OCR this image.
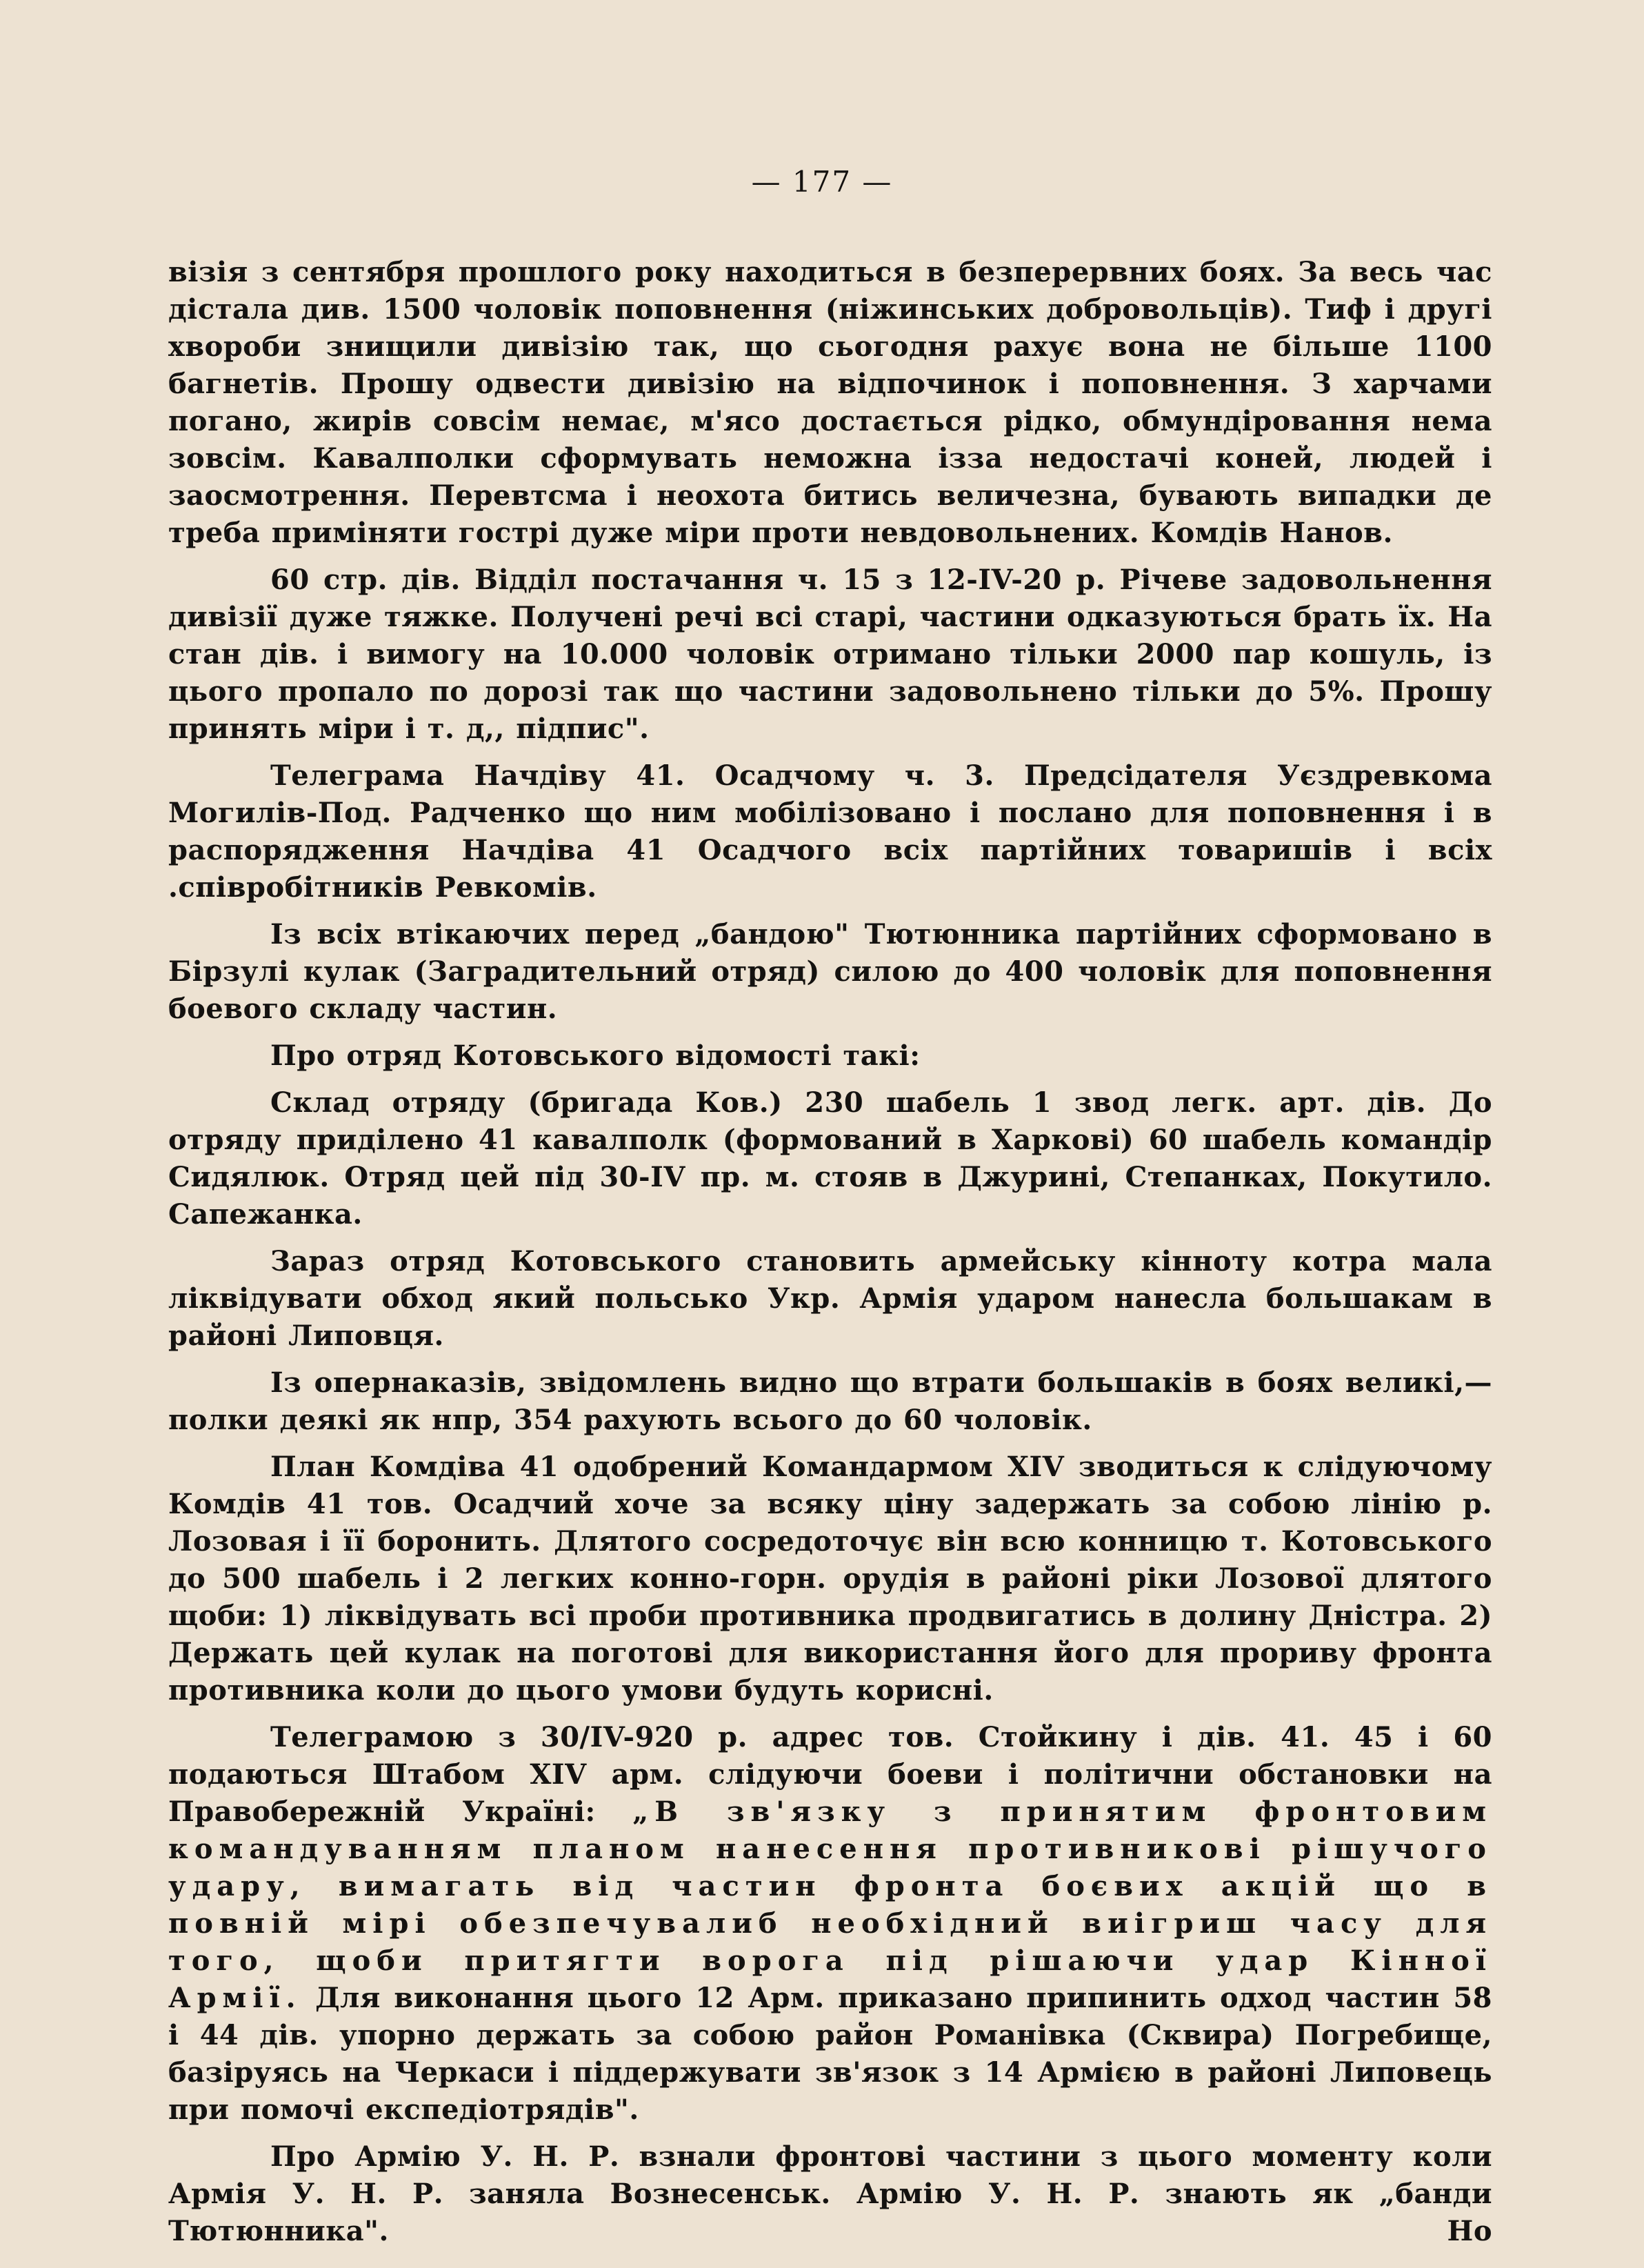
— 177 —

візія з сентября прошлого року находиться в безперервних боях. За весь час дістала див. 1500 чоловік поповнення (ніжинських добровольців). Тиф і другі хвороби знищили дивізію так, що сьогодня рахує вона не більше 1100 багнетів. Прошу одвести дивізію на відпочинок і поповнення. З харчами погано, жирів совсім немає, м'ясо достається рідко, обмундіровання нема зовсім. Кавалполки сформувать неможна ізза недостачі коней, людей і заосмотрення. Перевтсма і неохота битись величезна, бувають випадки де треба приміняти гострі дуже міри проти невдовольнених. Комдів Нанов.

60 стр. дів. Відділ постачання ч. 15 з 12-IV-20 р. Річеве задовольнення дивізії дуже тяжке. Получені речі всі старі, частини одказуються брать їх. На стан дів. і вимогу на 10.000 чоловік отримано тільки 2000 пар кошуль, із цього пропало по дорозі так що частини задовольнено тільки до 5%. Прошу принять міри і т. д,, підпис".

Телеграма Начдіву 41. Осадчому ч. 3. Предсідателя Уєздревкома Могилів-Под. Радченко що ним мобілізовано і послано для поповнення і в распорядження Начдіва 41 Осадчого всіх партійних товаришів і всіх .співробітників Ревкомів.

Із всіх втікаючих перед „бандою" Тютюнника партійних сформовано в Бірзулі кулак (Заградительний отряд) силою до 400 чоловік для поповнення боевого складу частин.

Про отряд Котовського відомості такі:

Склад отряду (бригада Ков.) 230 шабель 1 звод легк. арт. дів. До отряду приділено 41 кавалполк (формований в Харкові) 60 шабель командір Сидялюк. Отряд цей під 30-IV пр. м. стояв в Джурині, Степанках, Покутило. Сапежанка.

Зараз отряд Котовського становить армейську кінноту котра мала ліквідувати обход який польсько Укр. Армія ударом нанесла большакам в районі Липовця.

Із опернаказів, звідомлень видно що втрати большаків в боях великі,— полки деякі як нпр, 354 рахують всього до 60 чоловік.

План Комдіва 41 одобрений Командармом XIV зводиться к слідуючому Комдів 41 тов. Осадчий хоче за всяку ціну задержать за собою лінію р. Лозовая і її боронить. Длятого сосредоточує він всю конницю т. Котовського до 500 шабель і 2 легких конно-горн. орудія в районі ріки Лозової длятого щоби: 1) ліквідувать всі проби противника продвигатись в долину Дністра. 2) Держать цей кулак на поготові для використання його для прориву фронта противника коли до цього умови будуть корисні.

Телеграмою з 30/IV-920 р. адрес тов. Стойкину і дів. 41. 45 і 60 подаються Штабом XIV арм. слідуючи боеви і політични обстановки на Правобережній Україні: „В зв'язку з принятим фронтовим командуванням планом нанесення противникові рішучого удару, вимагать від частин фронта боєвих акцій що в повній мірі обезпечувалиб необхідний виігриш часу для того, щоби притягти ворога під рішаючи удар Кінної Армії. Для виконання цього 12 Арм. приказано припинить одход частин 58 і 44 дів. упорно держать за собою район Романівка (Сквира) Погребище, базіруясь на Черкаси і піддержувати зв'язок з 14 Армією в районі Липовець при помочі експедіотрядів".

Про Армію У. Н. Р. взнали фронтові частини з цього моменту коли Армія У. Н. Р. заняла Вознесенськ. Армію У. Н. Р. знають як „банди Тютюнника". Но
